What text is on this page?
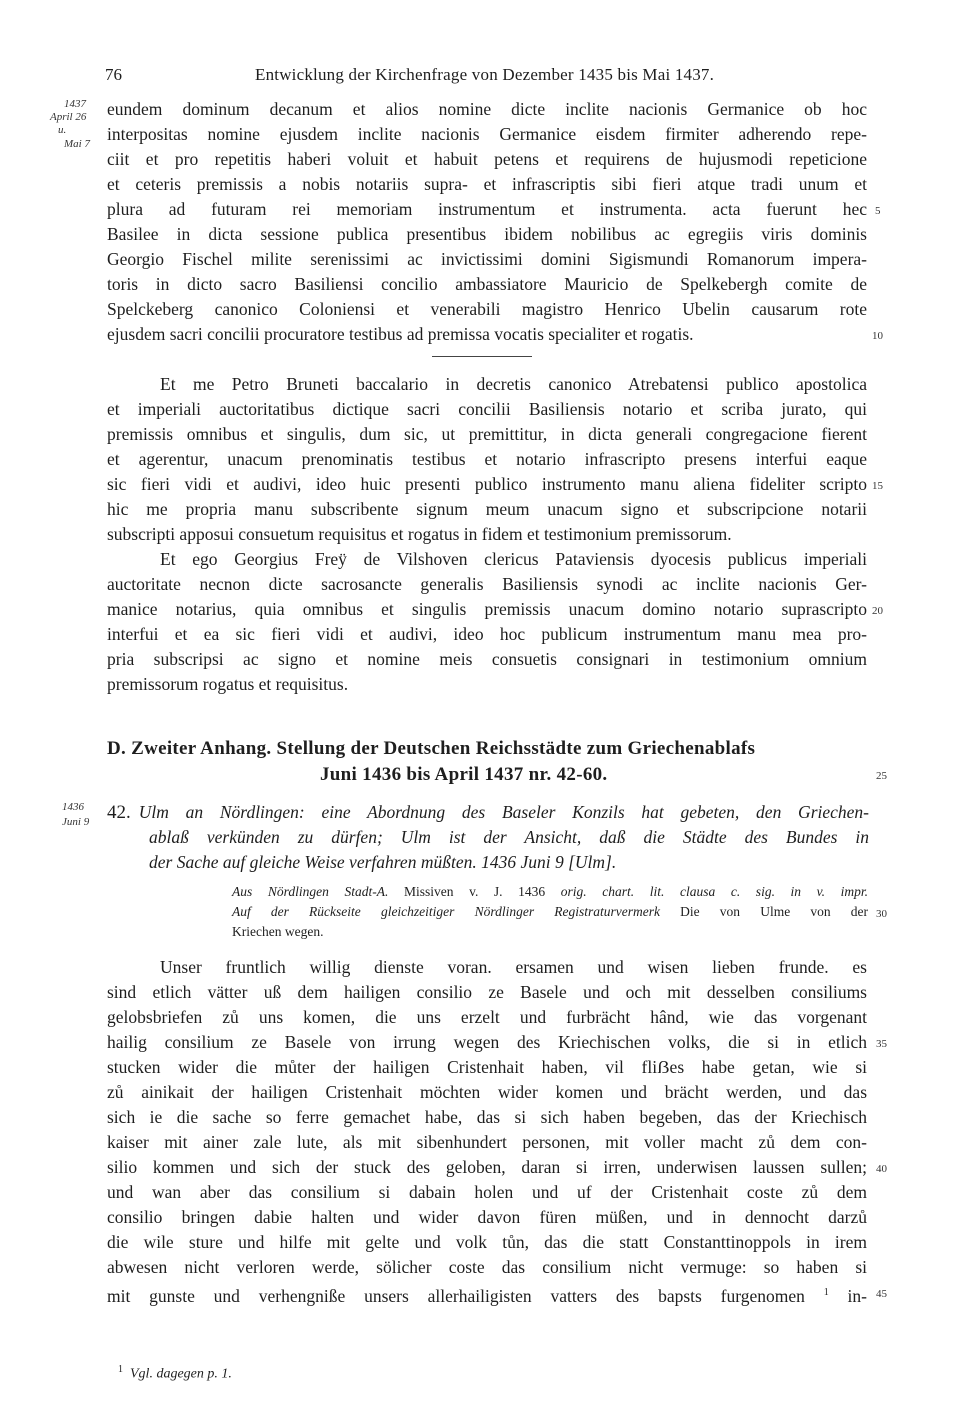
76	Entwicklung der Kirchenfrage von Dezember 1435 bis Mai 1437.
1437
April 26
u.
Mai 7
eundem dominum decanum et alios nomine dicte inclite nacionis Germanice ob hoc
interpositas nomine ejusdem inclite nacionis Germanice eisdem firmiter adherendo repe-
ciit et pro repetitis haberi voluit et habuit petens et requirens de hujusmodi repeticione
et ceteris premissis a nobis notariis supra- et infrascriptis sibi fieri atque tradi unum et
plura ad futuram rei memoriam instrumentum et instrumenta. acta fuerunt hec
Basilee in dicta sessione publica presentibus ibidem nobilibus ac egregiis viris dominis
Georgio Fischel milite serenissimi ac invictissimi domini Sigismundi Romanorum impera-
toris in dicto sacro Basiliensi concilio ambassiatore Mauricio de Spelkebergh comite de
Spelckeberg canonico Coloniensi et venerabili magistro Henrico Ubelin causarum rote
ejusdem sacri concilii procuratore testibus ad premissa vocatis specialiter et rogatis.
Et me Petro Bruneti baccalario in decretis canonico Atrebatensi publico apostolica
et imperiali auctoritatibus dictique sacri concilii Basiliensis notario et scriba jurato, qui
premissis omnibus et singulis, dum sic, ut premittitur, in dicta generali congregacione fierent
et agerentur, unacum prenominatis testibus et notario infrascripto presens interfui eaque
sic fieri vidi et audivi, ideo huic presenti publico instrumento manu aliena fideliter scripto
hic me propria manu subscribente signum meum unacum signo et subscripcione notarii
subscripti apposui consuetum requisitus et rogatus in fidem et testimonium premissorum.
Et ego Georgius Freÿ de Vilshoven clericus Pataviensis dyocesis publicus imperiali
auctoritate necnon dicte sacrosancte generalis Basiliensis synodi ac inclite nacionis Ger-
manice notarius, quia omnibus et singulis premissis unacum domino notario suprascripto
interfui et ea sic fieri vidi et audivi, ideo hoc publicum instrumentum manu mea pro-
pria subscripsi ac signo et nomine meis consuetis consignari in testimonium omnium
premissorum rogatus et requisitus.
D. Zweiter Anhang. Stellung der Deutschen Reichsstädte zum Griechenablafs
Juni 1436 bis April 1437 nr. 42-60.
1436
Juni 9 42. Ulm an Nördlingen: eine Abordnung des Baseler Konzils hat gebeten, den Griechen-
ablaß verkünden zu dürfen; Ulm ist der Ansicht, daß die Städte des Bundes in
der Sache auf gleiche Weise verfahren müßten. 1436 Juni 9 [Ulm].
Aus Nördlingen Stadt-A. Missiven v. J. 1436 orig. chart. lit. clausa c. sig. in v. impr.
Auf der Rückseite gleichzeitiger Nördlinger Registraturvermerk Die von Ulme von der
Kriechen wegen.
Unser fruntlich willig dienste voran. ersamen und wisen lieben frunde. es
sind etlich vätter uß dem hailigen consilio ze Basele und och mit desselben consiliums
gelobsbriefen zů uns komen, die uns erzelt und furbrächt hând, wie das vorgenant
hailig consilium ze Basele von irrung wegen des Kriechischen volks, die si in etlich
stucken wider die můter der hailigen Cristenhait haben, vil fliẞes habe getan, wie si
zů ainikait der hailigen Cristenhait möchten wider komen und brächt werden, und das
sich ie die sache so ferre gemachet habe, das si sich haben begeben, das der Kriechisch
kaiser mit ainer zale lute, als mit sibenhundert personen, mit voller macht zů dem con-
silio kommen und sich der stuck des geloben, daran si irren, underwisen laussen sullen;
und wan aber das consilium si dabain holen und uf der Cristenhait coste zů dem
consilio bringen dabie halten und wider davon füren müßen, und in dennocht darzů
die wile sture und hilfe mit gelte und volk tůn, das die statt Constanttinoppols in irem
abwesen nicht verloren werde, sölicher coste das consilium nicht vermuge: so haben si
mit gunste und verhengniße unsers allerhailigisten vatters des bapsts furgenomen $^1$ in-
$^1$ Vgl. dagegen p. 1.
5
10
15
20
25
30
35
40
45
